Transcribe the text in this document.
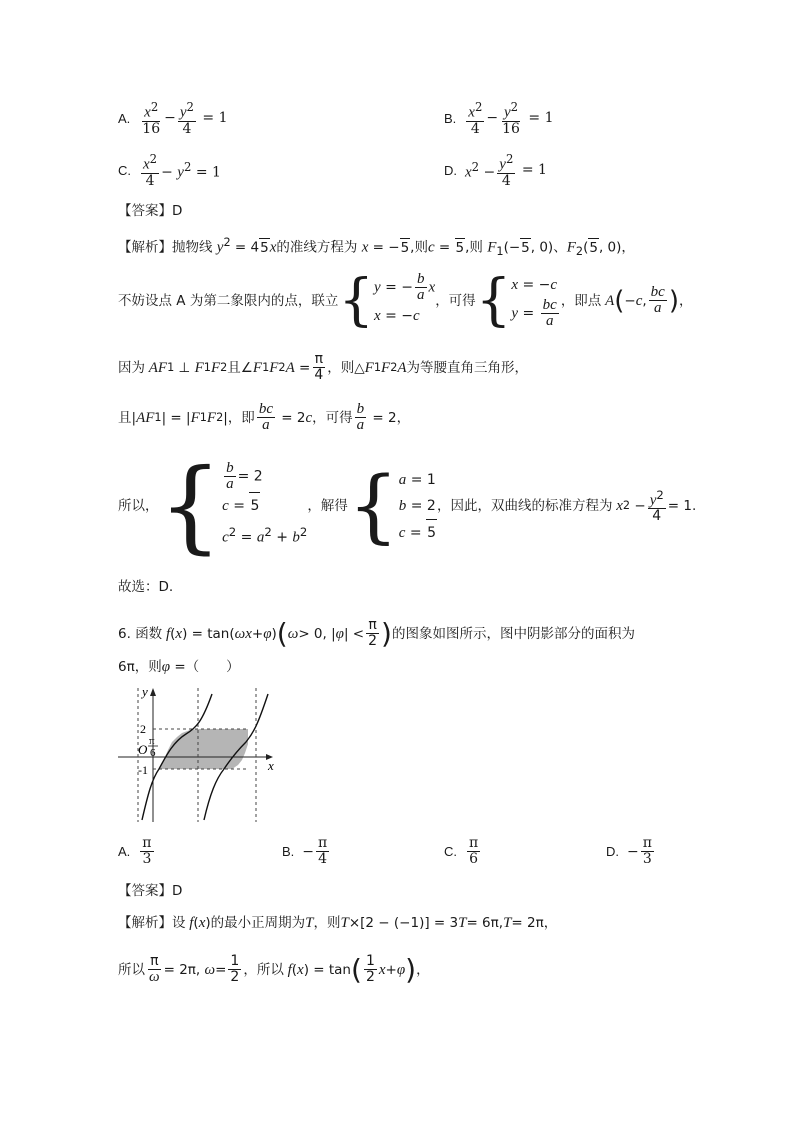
A. $\frac{x^2}{16} - \frac{y^2}{4} = 1$	B. $\frac{x^2}{4} - \frac{y^2}{16} = 1$
C. $\frac{x^2}{4} - y^2 = 1$	D. $x^2 - \frac{y^2}{4} = 1$
【答案】D
【解析】抛物线 $y^2 = 45x$的准线方程为 x = −5,则c = 5,则 $F_1(-5$, 0)、$F_2(5$, 0)，
不妨设点 A 为第二象限内的点，联立 { y = − $\frac{b}{a}$ x
x = −c
，可得 { x = −c
$y = \frac{bc}{a}$ ，即点 A ( − c , $\frac{bc}{a}$ ) ，
因为 AF 1 ⊥ F 1 F 2 且 ∠ F 1 F 2 $A = \frac{\pi}{4}$ ，则 △ F 1 F 2 A 为等腰直角三角形，
且 | AF 1 | = | F 1 F 2 | ，即 $\frac{bc}{a} = 2$ c ，可得 $\frac{b}{a} = 2$，
所以， { $\frac{b}{a} = 2$
c = 5
$c^2 = a^2 + b^2$
，解得 { a = 1
b = 2
c = 5
，因此，双曲线的标准方程为 x $2 - \frac{y^2}{4} = 1$.
故选：D.
6.
函数 f ( x ) = tan( ωx + φ ) ( ω > 0, | φ | < $\frac{\pi}{2}$ ) 的图象如图所示，图中阴影部分的面积为
6π，则φ =（　　）
y
x
O
2
π
6
-1
A. $\frac{\pi}{3}$	B. − $\frac{\pi}{4}$	C. $\frac{\pi}{6}$	D. − $\frac{\pi}{3}$
【答案】D
【解析】 设 f ( x ) 的最小正周期为 T ，则 T ×[2 − (−1)] = 3 T = 6π, T = 2π，
所以 $\frac{\pi}{\omega} = 2\pi$, $\omega = \frac{1}{2}$ ，所以 f ( x ) = tan ( $\frac{1}{2}$ x + φ ) ，
